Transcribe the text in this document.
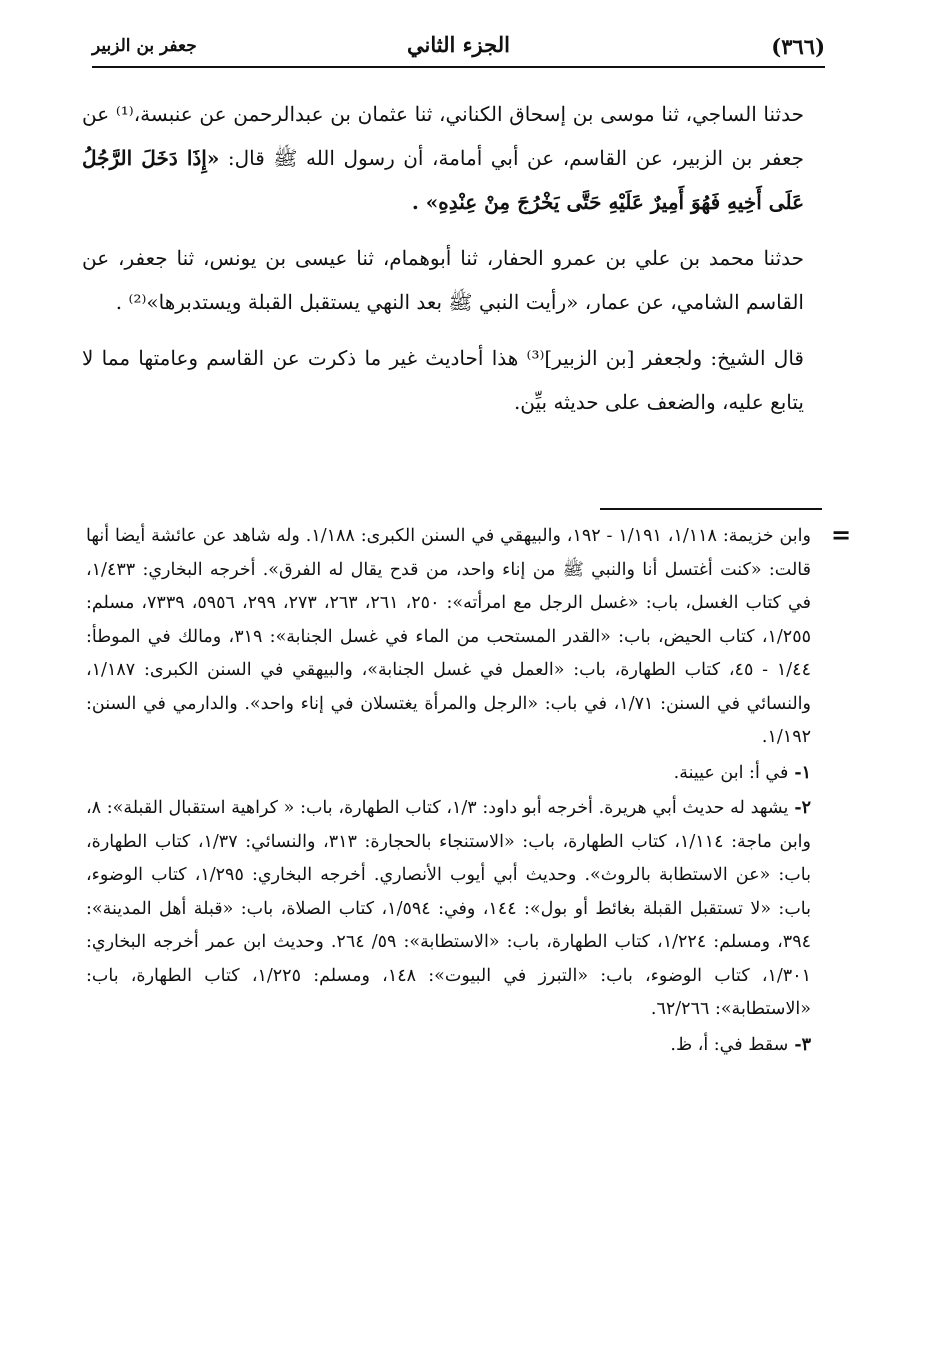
(٣٦٦)
الجزء الثاني
جعفر بن الزبير

حدثنا الساجي، ثنا موسى بن إسحاق الكناني، ثنا عثمان بن عبدالرحمن عن عنبسة،⁽¹⁾ عن جعفر بن الزبير، عن القاسم، عن أبي أمامة، أن رسول الله ﷺ قال: «إِذَا دَخَلَ الرَّجُلُ عَلَى أَخِيهِ فَهُوَ أَمِيرٌ عَلَيْهِ حَتَّى يَخْرُجَ مِنْ عِنْدِهِ» .

حدثنا محمد بن علي بن عمرو الحفار، ثنا أبوهمام، ثنا عيسى بن يونس، ثنا جعفر، عن القاسم الشامي، عن عمار، «رأيت النبي ﷺ بعد النهي يستقبل القبلة ويستدبرها»⁽²⁾ .

قال الشيخ: ولجعفر [بن الزبير]⁽³⁾ هذا أحاديث غير ما ذكرت عن القاسم وعامتها مما لا يتابع عليه، والضعف على حديثه بيِّن.

=

وابن خزيمة: ١/١١٨، ١/١٩١ - ١٩٢، والبيهقي في السنن الكبرى: ١/١٨٨. وله شاهد عن عائشة أيضا أنها قالت: «كنت أغتسل أنا والنبي ﷺ من إناء واحد، من قدح يقال له الفرق». أخرجه البخاري: ١/٤٣٣، في كتاب الغسل، باب: «غسل الرجل مع امرأته»: ٢٥٠، ٢٦١، ٢٦٣، ٢٧٣، ٢٩٩، ٥٩٥٦، ٧٣٣٩، مسلم: ١/٢٥٥، كتاب الحيض، باب: «القدر المستحب من الماء في غسل الجنابة»: ٣١٩، ومالك في الموطأ: ١/٤٤ - ٤٥، كتاب الطهارة، باب: «العمل في غسل الجنابة»، والبيهقي في السنن الكبرى: ١/١٨٧، والنسائي في السنن: ١/٧١، في باب: «الرجل والمرأة يغتسلان في إناء واحد». والدارمي في السنن: ١/١٩٢.

١-في أ: ابن عيينة.

٢-يشهد له حديث أبي هريرة. أخرجه أبو داود: ١/٣، كتاب الطهارة، باب: « كراهية استقبال القبلة»: ٨، وابن ماجة: ١/١١٤، كتاب الطهارة، باب: «الاستنجاء بالحجارة: ٣١٣، والنسائي: ١/٣٧، كتاب الطهارة، باب: «عن الاستطابة بالروث». وحديث أبي أيوب الأنصاري. أخرجه البخاري: ١/٢٩٥، كتاب الوضوء، باب: «لا تستقبل القبلة بغائط أو بول»: ١٤٤، وفي: ١/٥٩٤، كتاب الصلاة، باب: «قبلة أهل المدينة»: ٣٩٤، ومسلم: ١/٢٢٤، كتاب الطهارة، باب: «الاستطابة»: ٥٩/ ٢٦٤. وحديث ابن عمر أخرجه البخاري: ١/٣٠١، كتاب الوضوء، باب: «التبرز في البيوت»: ١٤٨، ومسلم: ١/٢٢٥، كتاب الطهارة، باب: «الاستطابة»: ٦٢/٢٦٦.

٣-سقط في: أ، ظ.
